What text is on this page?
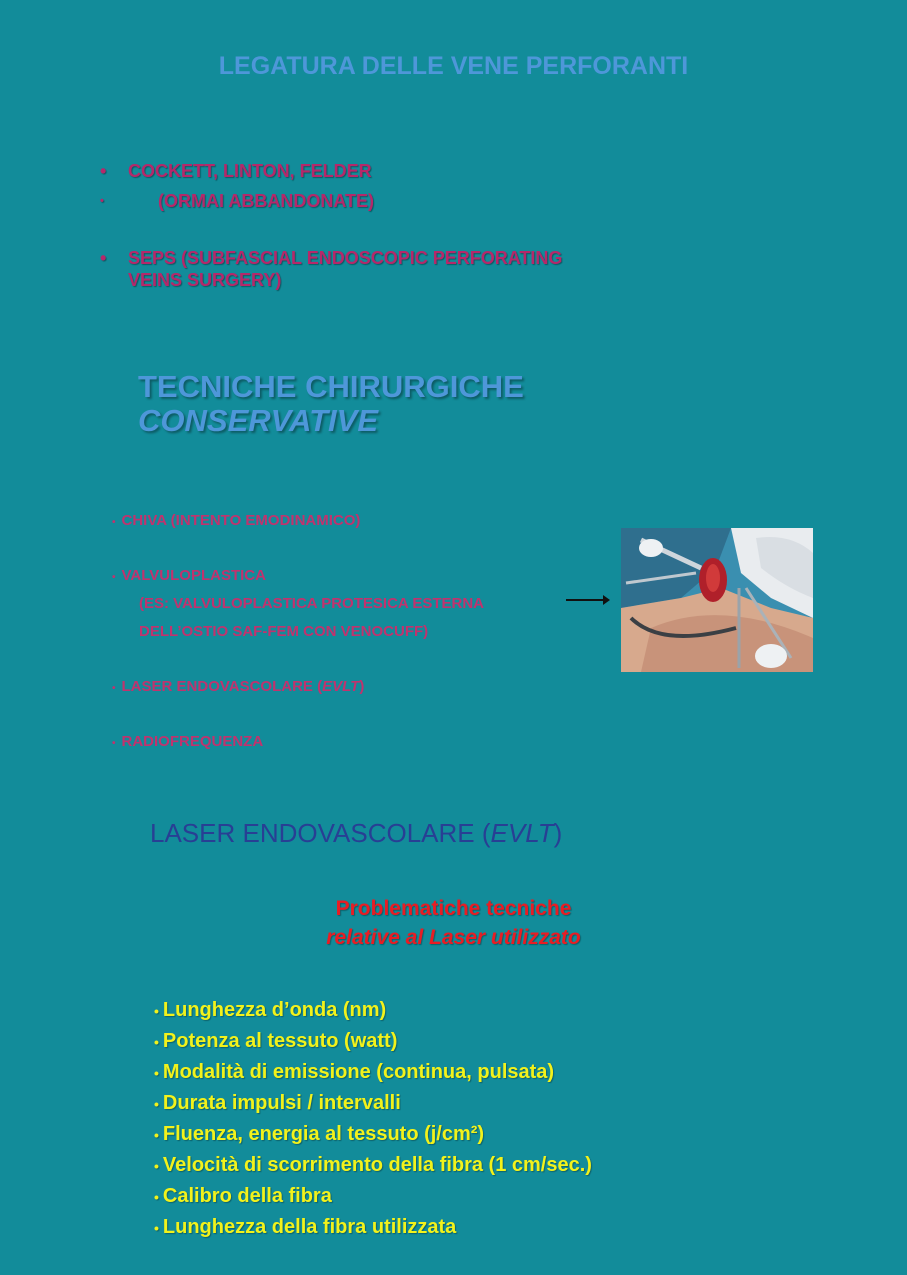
LEGATURA DELLE VENE PERFORANTI
•	COCKETT, LINTON, FELDER
•	(ORMAI ABBANDONATE)
•	SEPS (SUBFASCIAL ENDOSCOPIC PERFORATING
VEINS SURGERY)
TECNICHE CHIRURGICHE
CONSERVATIVE
• CHIVA (INTENTO EMODINAMICO)
• VALVULOPLASTICA
(ES: VALVULOPLASTICA PROTESICA ESTERNA
DELL’OSTIO SAF-FEM CON VENOCUFF)
• LASER ENDOVASCOLARE (EVLT)
• RADIOFREQUENZA
LASER ENDOVASCOLARE (EVLT)
Problematiche tecniche
relative al Laser utilizzato
• Lunghezza d’onda (nm)
• Potenza al tessuto (watt)
• Modalità di emissione (continua, pulsata)
• Durata impulsi / intervalli
• Fluenza, energia al tessuto (j/cm²)
• Velocità di scorrimento della fibra (1 cm/sec.)
• Calibro della fibra
• Lunghezza della fibra utilizzata
